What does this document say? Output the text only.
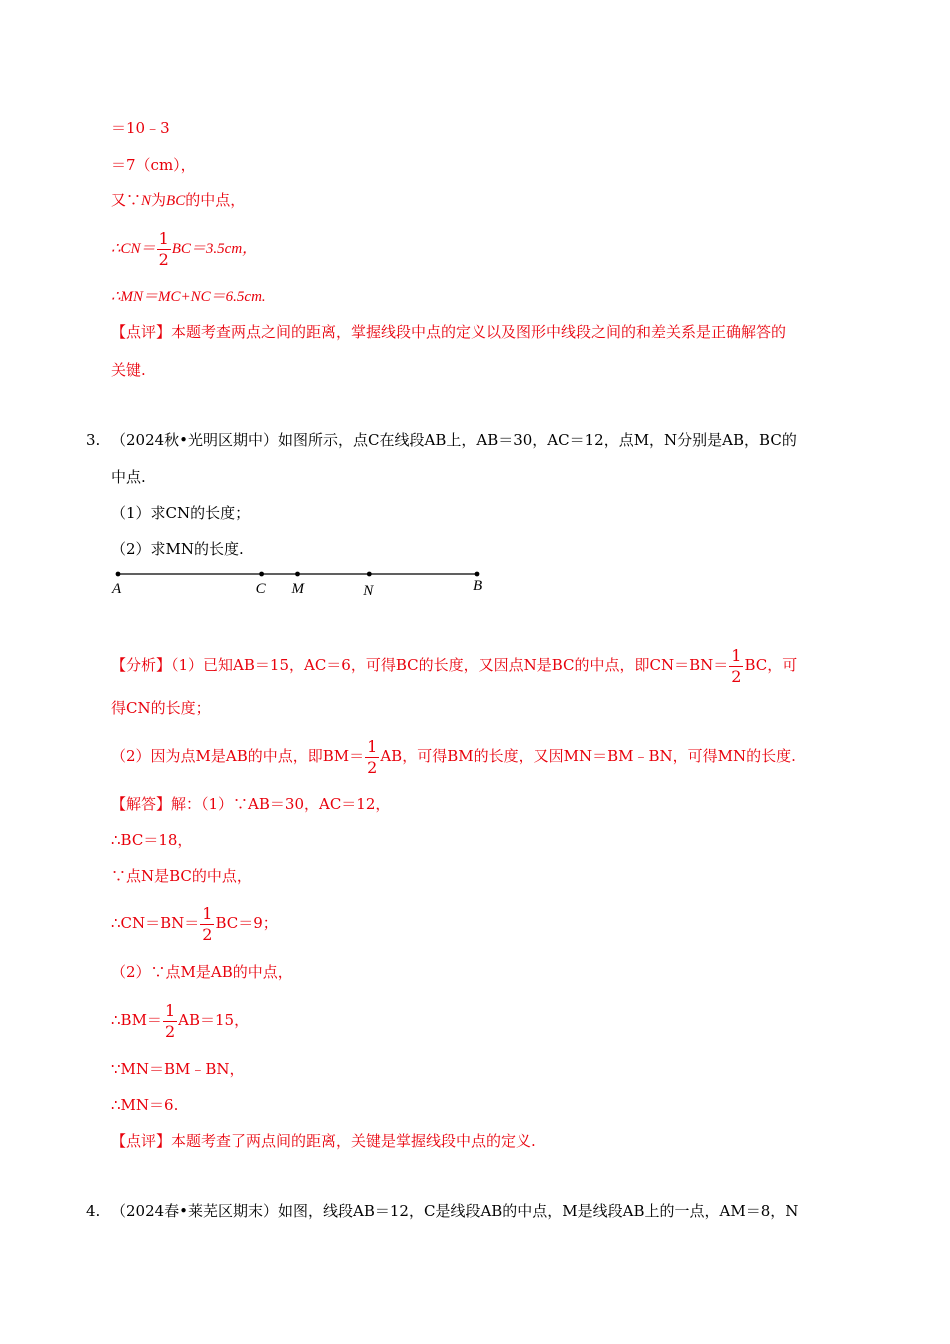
＝10﹣3
＝7（cm），
又∵N为BC的中点，
∴CN＝ $\frac{1}{2} BC=3.5cm$，
∴MN＝MC+NC＝6.5cm.
【点评】本题考查两点之间的距离，掌握线段中点的定义以及图形中线段之间的和差关系是正确解答的
关键.
3. （2024秋•光明区期中）如图所示，点C在线段AB上，AB＝30，AC＝12，点M，N分别是AB，BC的
中点.
（1）求CN的长度；
（2）求MN的长度.
A	C M	N	B
【分析】（1）已知AB＝15，AC＝6，可得BC的长度，又因点N是BC的中点，即$CN=BN= \frac{1}{2}$ BC，可
得CN的长度；
（2）因为点M是AB的中点，即$BM= \frac{1}{2}$ AB，可得BM的长度，又因MN＝BM﹣BN，可得MN的长度.
【解答】解：（1）∵AB＝30，AC＝12，
∴BC＝18，
∵点N是BC的中点，
∴CN＝BN＝ $\frac{1}{2} BC=9$；
（2）∵点M是AB的中点，
∴BM＝ $\frac{1}{2} AB=15$，
∵MN＝BM﹣BN，
∴MN＝6.
【点评】本题考查了两点间的距离，关键是掌握线段中点的定义.
4. （2024春•莱芜区期末）如图，线段AB＝12，C是线段AB的中点，M是线段AB上的一点，AM＝8，N
